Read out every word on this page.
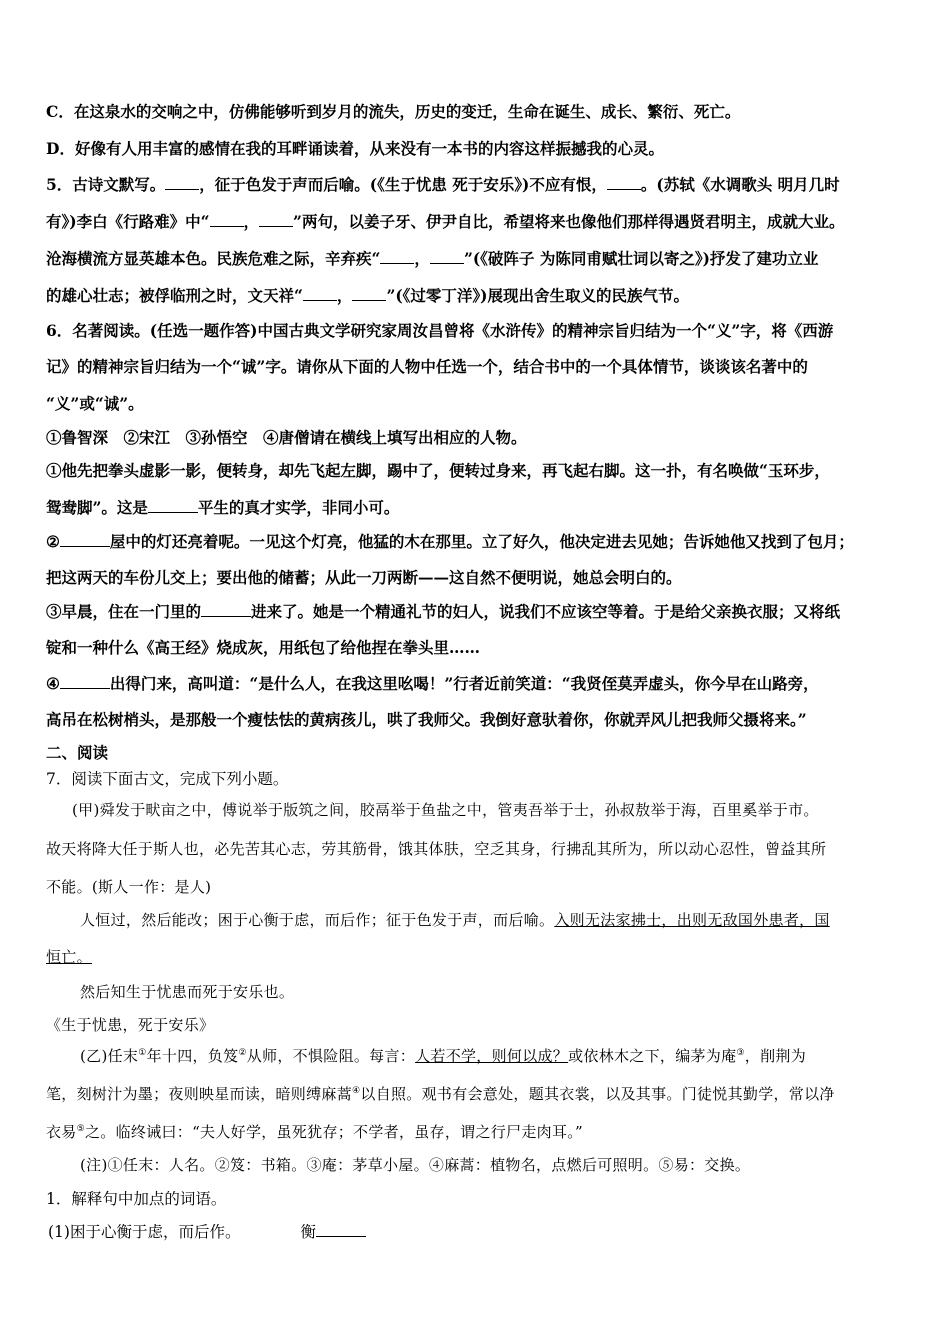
C．在这泉水的交响之中，仿佛能够听到岁月的流失，历史的变迁，生命在诞生、成长、繁衍、死亡。
D．好像有人用丰富的感情在我的耳畔诵读着，从来没有一本书的内容这样振撼我的心灵。
5．古诗文默写。 ，征于色发于声而后喻。(《生于忧患 死于安乐》)不应有恨， 。(苏轼《水调歌头 明月几时
有》)李白《行路难》中“ ， ”两句，以姜子牙、伊尹自比，希望将来也像他们那样得遇贤君明主，成就大业。
沧海横流方显英雄本色。民族危难之际，辛弃疾“ ， ”(《破阵子 为陈同甫赋壮词以寄之》)抒发了建功立业
的雄心壮志；被俘临刑之时，文天祥“ ， ”(《过零丁洋》)展现出舍生取义的民族气节。
6．名著阅读。(任选一题作答)中国古典文学研究家周汝昌曾将《水浒传》的精神宗旨归结为一个“义”字，将《西游
记》的精神宗旨归结为一个“诚”字。请你从下面的人物中任选一个，结合书中的一个具体情节，谈谈该名著中的
“义”或“诚”。
①鲁智深　②宋江　③孙悟空　④唐僧请在横线上填写出相应的人物。
①他先把拳头虚影一影，便转身，却先飞起左脚，踢中了，便转过身来，再飞起右脚。这一扑，有名唤做“玉环步，
鸳鸯脚”。这是	平生的真才实学，非同小可。
②	屋中的灯还亮着呢。一见这个灯亮，他猛的木在那里。立了好久，他决定进去见她；告诉她他又找到了包月；
把这两天的车份儿交上；要出他的储蓄；从此一刀两断——这自然不便明说，她总会明白的。
③早晨，住在一门里的	进来了。她是一个精通礼节的妇人，说我们不应该空等着。于是给父亲换衣服；又将纸
锭和一种什么《高王经》烧成灰，用纸包了给他捏在拳头里……
④	出得门来，高叫道：“是什么人，在我这里吆喝！”行者近前笑道：“我贤侄莫弄虚头，你今早在山路旁，
高吊在松树梢头，是那般一个瘦怯怯的黄病孩儿，哄了我师父。我倒好意驮着你，你就弄风儿把我师父摄将来。”
二、阅读
7．阅读下面古文，完成下列小题。
(甲)舜发于畎亩之中，傅说举于版筑之间，胶鬲举于鱼盐之中，管夷吾举于士，孙叔敖举于海，百里奚举于市。
故天将降大任于斯人也，必先苦其心志，劳其筋骨，饿其体肤，空乏其身，行拂乱其所为，所以动心忍性，曾益其所
不能。(斯人一作：是人)
人恒过，然后能改；困于心衡于虑，而后作；征于色发于声，而后喻。入则无法家拂士，出则无敌国外患者，国
恒亡。
然后知生于忧患而死于安乐也。
《生于忧患，死于安乐》
(乙)任末①年十四，负笈②从师，不惧险阻。每言：人若不学，则何以成？或依林木之下，编茅为庵③，削荆为
笔，刻树汁为墨；夜则映星而读，暗则缚麻蒿④以自照。观书有会意处，题其衣裳，以及其事。门徒悦其勤学，常以净
衣易⑤之。临终诫曰：“夫人好学，虽死犹存；不学者，虽存，谓之行尸走肉耳。”
(注)①任末：人名。②笈：书箱。③庵：茅草小屋。④麻蒿：植物名，点燃后可照明。⑤易：交换。
1．解释句中加点的词语。
(1)困于心衡于虑，而后作。	衡
